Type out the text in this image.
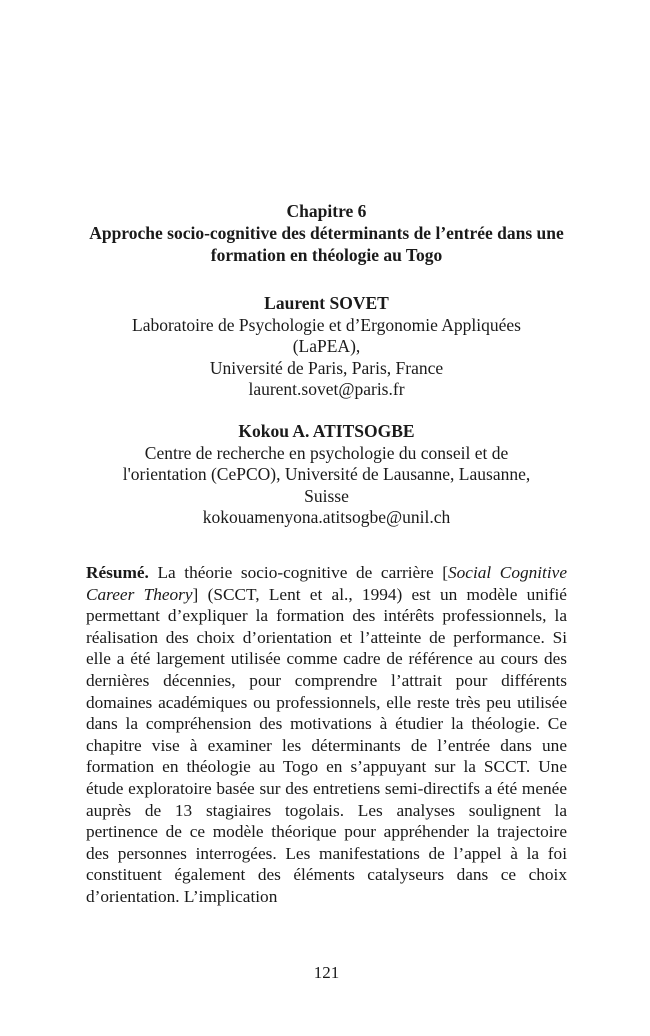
Chapitre 6

Approche socio-cognitive des déterminants de l’entrée dans une formation en théologie au Togo

Laurent SOVET
Laboratoire de Psychologie et d’Ergonomie Appliquées
(LaPEA),
Université de Paris, Paris, France
laurent.sovet@paris.fr
Kokou A. ATITSOGBE
Centre de recherche en psychologie du conseil et de
l'orientation (CePCO), Université de Lausanne, Lausanne,
Suisse
kokouamenyona.atitsogbe@unil.ch
Résumé. La théorie socio-cognitive de carrière [Social Cognitive Career Theory] (SCCT, Lent et al., 1994) est un modèle unifié permettant d’expliquer la formation des intérêts professionnels, la réalisation des choix d’orientation et l’atteinte de performance. Si elle a été largement utilisée comme cadre de référence au cours des dernières décennies, pour comprendre l’attrait pour différents domaines académiques ou professionnels, elle reste très peu utilisée dans la compréhension des motivations à étudier la théologie. Ce chapitre vise à examiner les déterminants de l’entrée dans une formation en théologie au Togo en s’appuyant sur la SCCT. Une étude exploratoire basée sur des entretiens semi-directifs a été menée auprès de 13 stagiaires togolais. Les analyses soulignent la pertinence de ce modèle théorique pour appréhender la trajectoire des personnes interrogées. Les manifestations de l’appel à la foi constituent également des éléments catalyseurs dans ce choix d’orientation. L’implication
121
